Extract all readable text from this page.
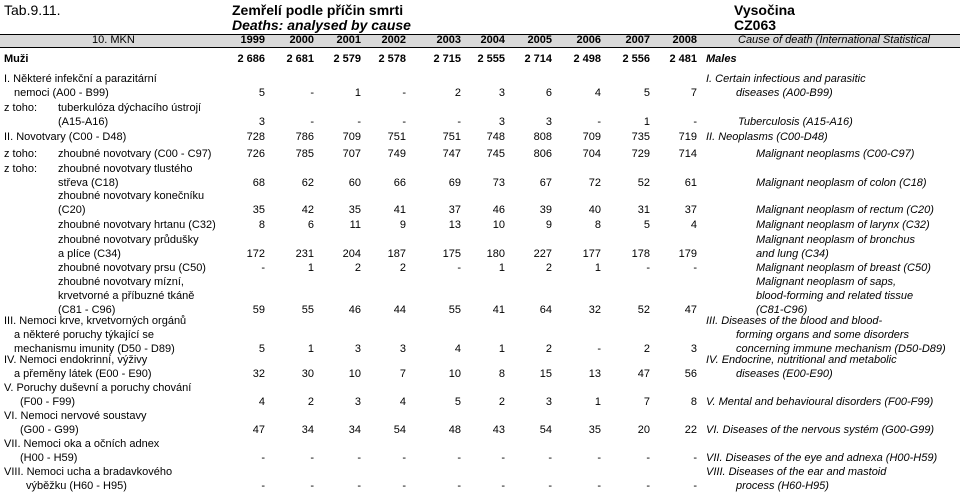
Tab.9.11.	Zemřelí podle příčin smrti
Deaths: analysed by cause
Vysočina
CZ063
10. MKN	1999	2000	2001	2002	2003	2004	2005	2006	2007	2008	Cause of death (International Statistical
Muži	2 686	2 681	2 579	2 578	2 715	2 555	2 714	2 498	2 556	2 481 Males
I. Některé infekční a parazitární
nemoci (A00 - B99)	5	-	1	-	2	3	6	4	5	7
I. Certain infectious and parasitic
diseases (A00-B99)
z toho: tuberkulóza dýchacího ústrojí
(A15-A16)	3	-	-	-	-	3	3	-	1	-	Tuberculosis (A15-A16)
II. Novotvary (C00 - D48)	728	786	709	751	751	748	808	709	735	719 II. Neoplasms (C00-D48)
z toho: zhoubné novotvary (C00 - C97)	726	785	707	749	747	745	806	704	729	714	Malignant neoplasms (C00-C97)
z toho: zhoubné novotvary tlustého
střeva (C18)	68	62	60	66	69	73	67	72	52	61	Malignant neoplasm of colon (C18)
zhoubné novotvary konečníku
(C20)	35	42	35	41	37	46	39	40	31	37	Malignant neoplasm of rectum (C20)
zhoubné novotvary hrtanu (C32)	8	6	11	9	13	10	9	8	5	4	Malignant neoplasm of larynx (C32)
zhoubné novotvary průdušky
a plíce (C34)	172	231	204	187	175	180	227	177	178	179
Malignant neoplasm of bronchus
and lung (C34)
zhoubné novotvary prsu (C50)	-	1	2	2	-	1	2	1	-	-	Malignant neoplasm of breast (C50)
zhoubné novotvary mízní,
krvetvorné a příbuzné tkáně
(C81 - C96)	59	55	46	44	55	41	64	32	52	47
Malignant neoplasm of saps,
blood-forming and related tissue
(C81-C96)
III. Nemoci krve, krvetvorných orgánů
a některé poruchy týkající se
mechanismu imunity (D50 - D89)	5	1	3	3	4	1	2	-	2	3
III. Diseases of the blood and blood-
forming organs and some disorders
concerning immune mechanism (D50-D89)
IV. Nemoci endokrinní, výživy
a přeměny látek (E00 - E90)	32	30	10	7	10	8	15	13	47	56
IV. Endocrine, nutritional and metabolic
diseases (E00-E90)
V. Poruchy duševní a poruchy chování
(F00 - F99)	4	2	3	4	5	2	3	1	7	8 V. Mental and behavioural disorders (F00-F99)
VI. Nemoci nervové soustavy
(G00 - G99)	47	34	34	54	48	43	54	35	20	22 VI. Diseases of the nervous systém (G00-G99)
VII. Nemoci oka a očních adnex
(H00 - H59)	-	-	-	-	-	-	-	-	-	- VII. Diseases of the eye and adnexa (H00-H59)
VIII. Nemoci ucha a bradavkového
výběžku (H60 - H95)	-	-	-	-	-	-	-	-	-	-
VIII. Diseases of the ear and mastoid
process (H60-H95)
